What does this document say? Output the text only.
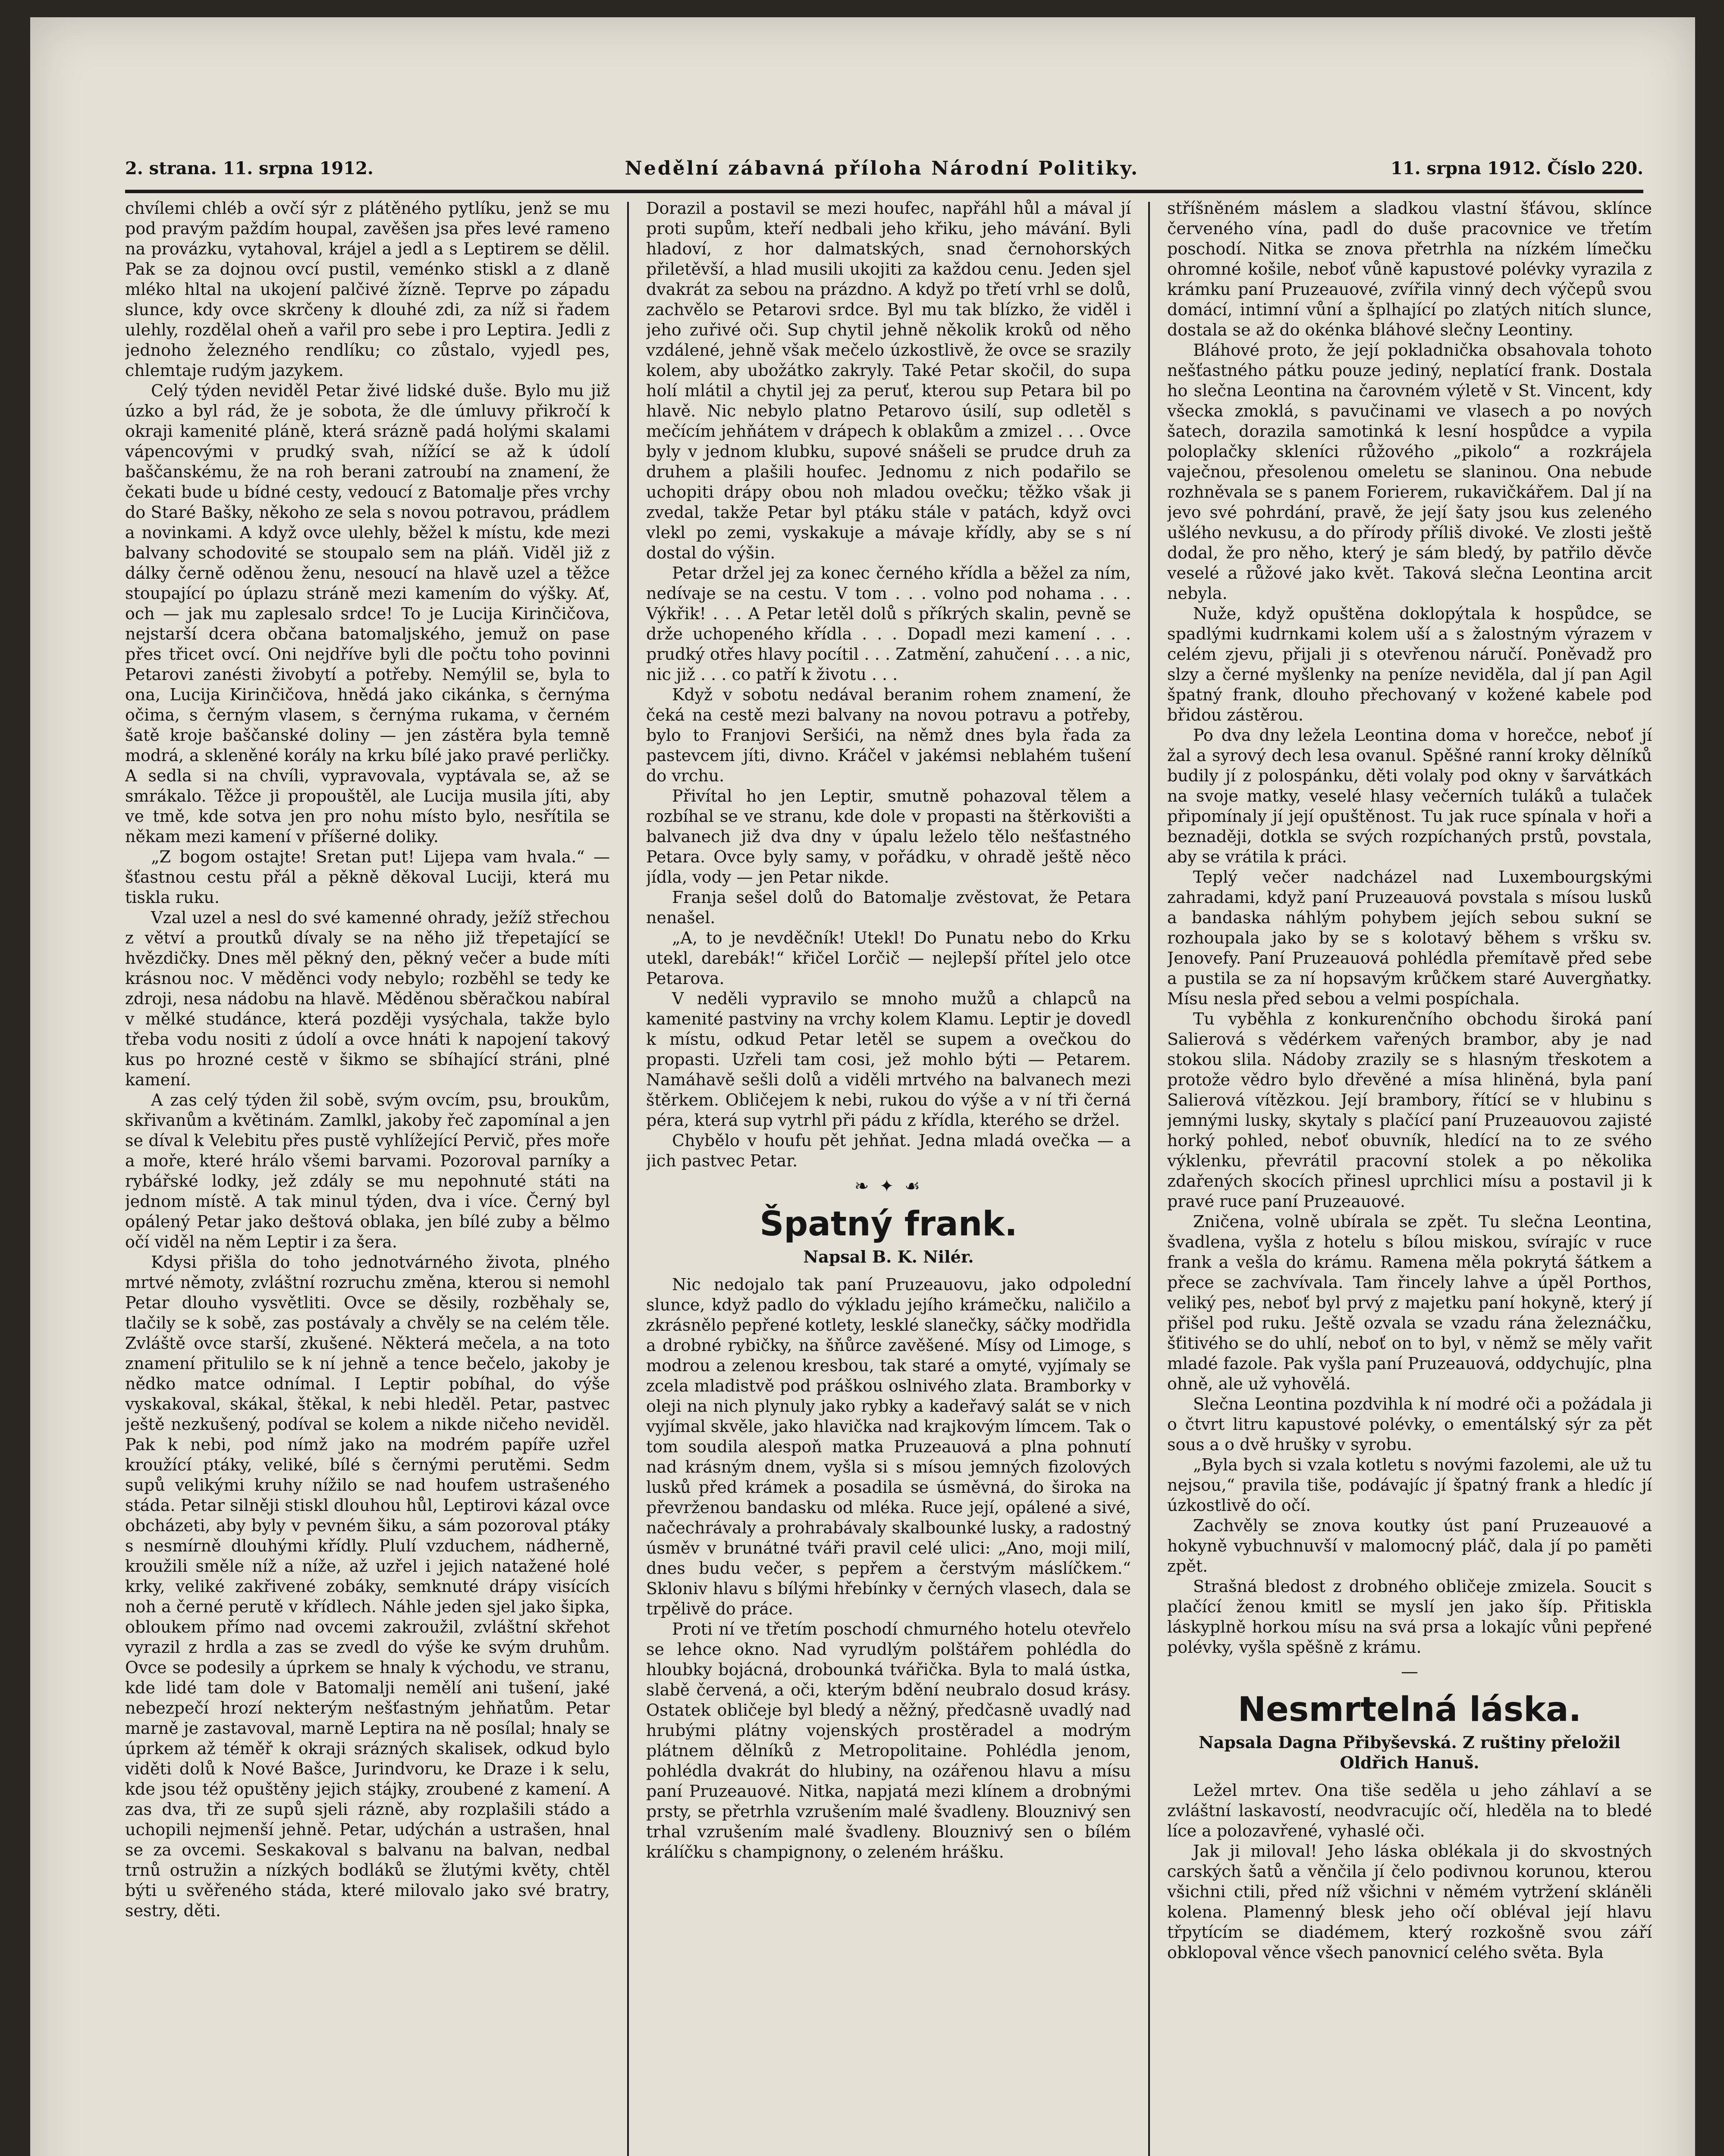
2. strana. 11. srpna 1912.	Nedělní zábavná příloha Národní Politiky.	11. srpna 1912. Číslo 220.

chvílemi chléb a ovčí sýr z plátěného pytlíku, jenž se mu pod pravým paždím houpal, zavěšen jsa přes levé rameno na provázku, vytahoval, krájel a jedl a s Leptirem se dělil. Pak se za dojnou ovcí pustil, veménko stiskl a z dlaně mléko hltal na ukojení palčivé žízně. Teprve po západu slunce, kdy ovce skrčeny k dlouhé zdi, za níž si řadem ulehly, rozdělal oheň a vařil pro sebe i pro Leptira. Jedli z jednoho železného rendlíku; co zůstalo, vyjedl pes, chlemtaje rudým jazykem.

Celý týden neviděl Petar živé lidské duše. Bylo mu již úzko a byl rád, že je sobota, že dle úmluvy přikročí k okraji kamenité pláně, která srázně padá holými skalami vápencovými v prudký svah, nížící se až k údolí baščanskému, že na roh berani zatroubí na znamení, že čekati bude u bídné cesty, vedoucí z Batomalje přes vrchy do Staré Bašky, někoho ze sela s novou potravou, prádlem a novinkami. A když ovce ulehly, běžel k místu, kde mezi balvany schodovité se stoupalo sem na pláň. Viděl již z dálky černě oděnou ženu, nesoucí na hlavě uzel a těžce stoupající po úplazu stráně mezi kamením do výšky. Ať, och — jak mu zaplesalo srdce! To je Lucija Kirinčičova, nejstarší dcera občana batomaljského, jemuž on pase přes třicet ovcí. Oni nejdříve byli dle počtu toho povinni Petarovi zanésti živobytí a potřeby. Nemýlil se, byla to ona, Lucija Kirinčičova, hnědá jako cikánka, s černýma očima, s černým vlasem, s černýma rukama, v černém šatě kroje baščanské doliny — jen zástěra byla temně modrá, a skleněné korály na krku bílé jako pravé perličky. A sedla si na chvíli, vypravovala, vyptávala se, až se smrákalo. Těžce ji propouštěl, ale Lucija musila jíti, aby ve tmě, kde sotva jen pro nohu místo bylo, nesřítila se někam mezi kamení v příšerné doliky.

„Z bogom ostajte! Sretan put! Lijepa vam hvala.“ — šťastnou cestu přál a pěkně děkoval Luciji, která mu tiskla ruku.

Vzal uzel a nesl do své kamenné ohrady, ježíž střechou z větví a proutků dívaly se na něho již třepetající se hvězdičky. Dnes měl pěkný den, pěkný večer a bude míti krásnou noc. V měděnci vody nebylo; rozběhl se tedy ke zdroji, nesa nádobu na hlavě. Měděnou sběračkou nabíral v mělké studánce, která později vysýchala, takže bylo třeba vodu nositi z údolí a ovce hnáti k napojení takový kus po hrozné cestě v šikmo se sbíhající stráni, plné kamení.

A zas celý týden žil sobě, svým ovcím, psu, broukům, skřivanům a květinám. Zamlkl, jakoby řeč zapomínal a jen se díval k Velebitu přes pustě vyhlížející Pervič, přes moře a moře, které hrálo všemi barvami. Pozoroval parníky a rybářské lodky, jež zdály se mu nepohnuté státi na jednom místě. A tak minul týden, dva i více. Černý byl opálený Petar jako deštová oblaka, jen bílé zuby a bělmo očí viděl na něm Leptir i za šera.

Kdysi přišla do toho jednotvárného života, plného mrtvé němoty, zvláštní rozruchu změna, kterou si nemohl Petar dlouho vysvětliti. Ovce se děsily, rozběhaly se, tlačily se k sobě, zas postávaly a chvěly se na celém těle. Zvláště ovce starší, zkušené. Některá mečela, a na toto znamení přitulilo se k ní jehně a tence bečelo, jakoby je nědko matce odnímal. I Leptir pobíhal, do výše vyskakoval, skákal, štěkal, k nebi hleděl. Petar, pastvec ještě nezkušený, podíval se kolem a nikde ničeho neviděl. Pak k nebi, pod nímž jako na modrém papíře uzřel kroužící ptáky, veliké, bílé s černými perutěmi. Sedm supů velikými kruhy nížilo se nad houfem ustrašeného stáda. Petar silněji stiskl dlouhou hůl, Leptirovi kázal ovce obcházeti, aby byly v pevném šiku, a sám pozoroval ptáky s nesmírně dlouhými křídly. Plulí vzduchem, nádherně, kroužili směle níž a níže, až uzřel i jejich natažené holé krky, veliké zakřivené zobáky, semknuté drápy visících noh a černé perutě v křídlech. Náhle jeden sjel jako šipka, obloukem přímo nad ovcemi zakroužil, zvláštní skřehot vyrazil z hrdla a zas se zvedl do výše ke svým druhům. Ovce se podesily a úprkem se hnaly k východu, ve stranu, kde lidé tam dole v Batomalji nemělí ani tušení, jaké nebezpečí hrozí nekterým nešťastným jehňatům. Petar marně je zastavoval, marně Leptira na ně posílal; hnaly se úprkem až téměř k okraji srázných skalisek, odkud bylo viděti dolů k Nové Bašce, Jurindvoru, ke Draze i k selu, kde jsou též opuštěny jejich stájky, zroubené z kamení. A zas dva, tři ze supů sjeli rázně, aby rozplašili stádo a uchopili nejmenší jehně. Petar, udýchán a ustrašen, hnal se za ovcemi. Seskakoval s balvanu na balvan, nedbal trnů ostružin a nízkých bodláků se žlutými květy, chtěl býti u svěřeného stáda, které milovalo jako své bratry, sestry, děti.

Dorazil a postavil se mezi houfec, napřáhl hůl a mával jí proti supům, kteří nedbali jeho křiku, jeho mávání. Byli hladoví, z hor dalmatských, snad černohorských přiletěvší, a hlad musili ukojiti za každou cenu. Jeden sjel dvakrát za sebou na prázdno. A když po třetí vrhl se dolů, zachvělo se Petarovi srdce. Byl mu tak blízko, že viděl i jeho zuřivé oči. Sup chytil jehně několik kroků od něho vzdálené, jehně však mečelo úzkostlivě, že ovce se srazily kolem, aby ubožátko zakryly. Také Petar skočil, do supa holí mlátil a chytil jej za peruť, kterou sup Petara bil po hlavě. Nic nebylo platno Petarovo úsilí, sup odletěl s mečícím jehňátem v drápech k oblakům a zmizel . . . Ovce byly v jednom klubku, supové snášeli se prudce druh za druhem a plašili houfec. Jednomu z nich podařilo se uchopiti drápy obou noh mladou ovečku; těžko však ji zvedal, takže Petar byl ptáku stále v patách, když ovci vlekl po zemi, vyskakuje a mávaje křídly, aby se s ní dostal do výšin.

Petar držel jej za konec černého křídla a běžel za ním, nedívaje se na cestu. V tom . . . volno pod nohama . . . Výkřik! . . . A Petar letěl dolů s příkrých skalin, pevně se drže uchopeného křídla . . . Dopadl mezi kamení . . . prudký otřes hlavy pocítil . . . Zatmění, zahučení . . . a nic, nic již . . . co patří k životu . . .

Když v sobotu nedával beranim rohem znamení, že čeká na cestě mezi balvany na novou potravu a potřeby, bylo to Franjovi Seršići, na němž dnes byla řada za pastevcem jíti, divno. Kráčel v jakémsi neblahém tušení do vrchu.

Přivítal ho jen Leptir, smutně pohazoval tělem a rozbíhal se ve stranu, kde dole v propasti na štěrkovišti a balvanech již dva dny v úpalu leželo tělo nešťastného Petara. Ovce byly samy, v pořádku, v ohradě ještě něco jídla, vody — jen Petar nikde.

Franja sešel dolů do Batomalje zvěstovat, že Petara nenašel.

„A, to je nevděčník! Utekl! Do Punatu nebo do Krku utekl, darebák!“ křičel Lorčič — nejlepší přítel jelo otce Petarova.

V neděli vypravilo se mnoho mužů a chlapců na kamenité pastviny na vrchy kolem Klamu. Leptir je dovedl k místu, odkud Petar letěl se supem a ovečkou do propasti. Uzřeli tam cosi, jež mohlo býti — Petarem. Namáhavě sešli dolů a viděli mrtvého na balvanech mezi štěrkem. Obličejem k nebi, rukou do výše a v ní tři černá péra, která sup vytrhl při pádu z křídla, kterého se držel.

Chybělo v houfu pět jehňat. Jedna mladá ovečka — a jich pastvec Petar.

❧ ✦ ☙
Špatný frank.
Napsal B. K. Nilér.

Nic nedojalo tak paní Pruzeauovu, jako odpolední slunce, když padlo do výkladu jejího krámečku, naličilo a zkrásnělo pepřené kotlety, lesklé slanečky, sáčky modřidla a drobné rybičky, na šňůrce zavěšené. Mísy od Limoge, s modrou a zelenou kresbou, tak staré a omyté, vyjímaly se zcela mladistvě pod práškou oslnivého zlata. Bramborky v oleji na nich plynuly jako rybky a kadeřavý salát se v nich vyjímal skvěle, jako hlavička nad krajkovým límcem. Tak o tom soudila alespoň matka Pruzeauová a plna pohnutí nad krásným dnem, vyšla si s mísou jemných fizolových lusků před krámek a posadila se úsměvná, do široka na převrženou bandasku od mléka. Ruce její, opálené a sivé, načechrávaly a prohrabávaly skalbounké lusky, a radostný úsměv v brunátné tváři pravil celé ulici: „Ano, moji milí, dnes budu večer, s pepřem a čerstvým máslíčkem.“ Skloniv hlavu s bílými hřebínky v černých vlasech, dala se trpělivě do práce.

Proti ní ve třetím poschodí chmurného hotelu otevřelo se lehce okno. Nad vyrudlým polštářem pohlédla do hloubky bojácná, drobounká tvářička. Byla to malá ústka, slabě červená, a oči, kterým bdění neubralo dosud krásy. Ostatek obličeje byl bledý a něžný, předčasně uvadlý nad hrubými plátny vojenských prostěradel a modrým plátnem dělníků z Metropolitaine. Pohlédla jenom, pohlédla dvakrát do hlubiny, na ozářenou hlavu a mísu paní Pruzeauové. Nitka, napjatá mezi klínem a drobnými prsty, se přetrhla vzrušením malé švadleny. Blouznivý sen trhal vzrušením malé švadleny. Blouznivý sen o bílém králíčku s champignony, o zeleném hrášku.

stříšněném máslem a sladkou vlastní šťávou, sklínce červeného vína, padl do duše pracovnice ve třetím poschodí. Nitka se znova přetrhla na nízkém límečku ohromné košile, neboť vůně kapustové polévky vyrazila z krámku paní Pruzeauové, zvířila vinný dech výčepů svou domácí, intimní vůní a šplhající po zlatých nitích slunce, dostala se až do okénka bláhové slečny Leontiny.

Bláhové proto, že její pokladnička obsahovala tohoto nešťastného pátku pouze jediný, neplatící frank. Dostala ho slečna Leontina na čarovném výletě v St. Vincent, kdy všecka zmoklá, s pavučinami ve vlasech a po nových šatech, dorazila samotinká k lesní hospůdce a vypila poloplačky skleníci růžového „pikolo“ a rozkrájela vaječnou, přesolenou omeletu se slaninou. Ona nebude rozhněvala se s panem Forierem, rukavičkářem. Dal jí na jevo své pohrdání, pravě, že její šaty jsou kus zeleného ušlého nevkusu, a do přírody příliš divoké. Ve zlosti ještě dodal, že pro něho, který je sám bledý, by patřilo děvče veselé a růžové jako květ. Taková slečna Leontina arcit nebyla.

Nuže, když opuštěna doklopýtala k hospůdce, se spadlými kudrnkami kolem uší a s žalostným výrazem v celém zjevu, přijali ji s otevřenou náručí. Poněvadž pro slzy a černé myšlenky na peníze neviděla, dal jí pan Agil špatný frank, dlouho přechovaný v kožené kabele pod břidou zástěrou.

Po dva dny ležela Leontina doma v horečce, neboť jí žal a syrový dech lesa ovanul. Spěšné ranní kroky dělníků budily jí z polospánku, děti volaly pod okny v šarvátkách na svoje matky, veselé hlasy večerních tuláků a tulaček připomínaly jí její opuštěnost. Tu jak ruce spínala v hoři a beznaději, dotkla se svých rozpíchaných prstů, povstala, aby se vrátila k práci.

Teplý večer nadcházel nad Luxembourgskými zahradami, když paní Pruzeauová povstala s mísou lusků a bandaska náhlým pohybem jejích sebou sukní se rozhoupala jako by se s kolotavý během s vršku sv. Jenovefy. Paní Pruzeauová pohlédla přemítavě před sebe a pustila se za ní hopsavým krůčkem staré Auvergňatky. Mísu nesla před sebou a velmi pospíchala.

Tu vyběhla z konkurenčního obchodu široká paní Salierová s vědérkem vařených brambor, aby je nad stokou slila. Nádoby zrazily se s hlasným třeskotem a protože vědro bylo dřevěné a mísa hliněná, byla paní Salierová vítězkou. Její brambory, řítící se v hlubinu s jemnými lusky, skytaly s plačící paní Pruzeauovou zajisté horký pohled, neboť obuvník, hledící na to ze svého výklenku, převrátil pracovní stolek a po několika zdařených skocích přinesl uprchlici mísu a postavil ji k pravé ruce paní Pruzeauové.

Zničena, volně ubírala se zpět. Tu slečna Leontina, švadlena, vyšla z hotelu s bílou miskou, svírajíc v ruce frank a vešla do krámu. Ramena měla pokrytá šátkem a přece se zachvívala. Tam řincely lahve a úpěl Porthos, veliký pes, neboť byl prvý z majetku paní hokyně, který jí přišel pod ruku. Ještě ozvala se vzadu rána železnáčku, šťitivého se do uhlí, neboť on to byl, v němž se měly vařit mladé fazole. Pak vyšla paní Pruzeauová, oddychujíc, plna ohně, ale už vyhovělá.

Slečna Leontina pozdvihla k ní modré oči a požádala ji o čtvrt litru kapustové polévky, o ementálský sýr za pět sous a o dvě hrušky v syrobu.

„Byla bych si vzala kotletu s novými fazolemi, ale už tu nejsou,“ pravila tiše, podávajíc jí špatný frank a hledíc jí úzkostlivě do očí.

Zachvěly se znova koutky úst paní Pruzeauové a hokyně vybuchnuvší v malomocný pláč, dala jí po paměti zpět.

Strašná bledost z drobného obličeje zmizela. Soucit s plačící ženou kmitl se myslí jen jako šíp. Přitiskla láskyplně horkou mísu na svá prsa a lokajíc vůni pepřené polévky, vyšla spěšně z krámu.

—
Nesmrtelná láska.
Napsala Dagna Přibyševská. Z ruštiny přeložil Oldřich Hanuš.

Ležel mrtev. Ona tiše seděla u jeho záhlaví a se zvláštní laskavostí, neodvracujíc očí, hleděla na to bledé líce a polozavřené, vyhaslé oči.

Jak ji miloval! Jeho láska oblékala ji do skvostných carských šatů a věnčila jí čelo podivnou korunou, kterou všichni ctili, před níž všichni v němém vytržení skláněli kolena. Plamenný blesk jeho očí obléval její hlavu třpytícím se diadémem, který rozkošně svou září obklopoval věnce všech panovnicí celého světa. Byla
